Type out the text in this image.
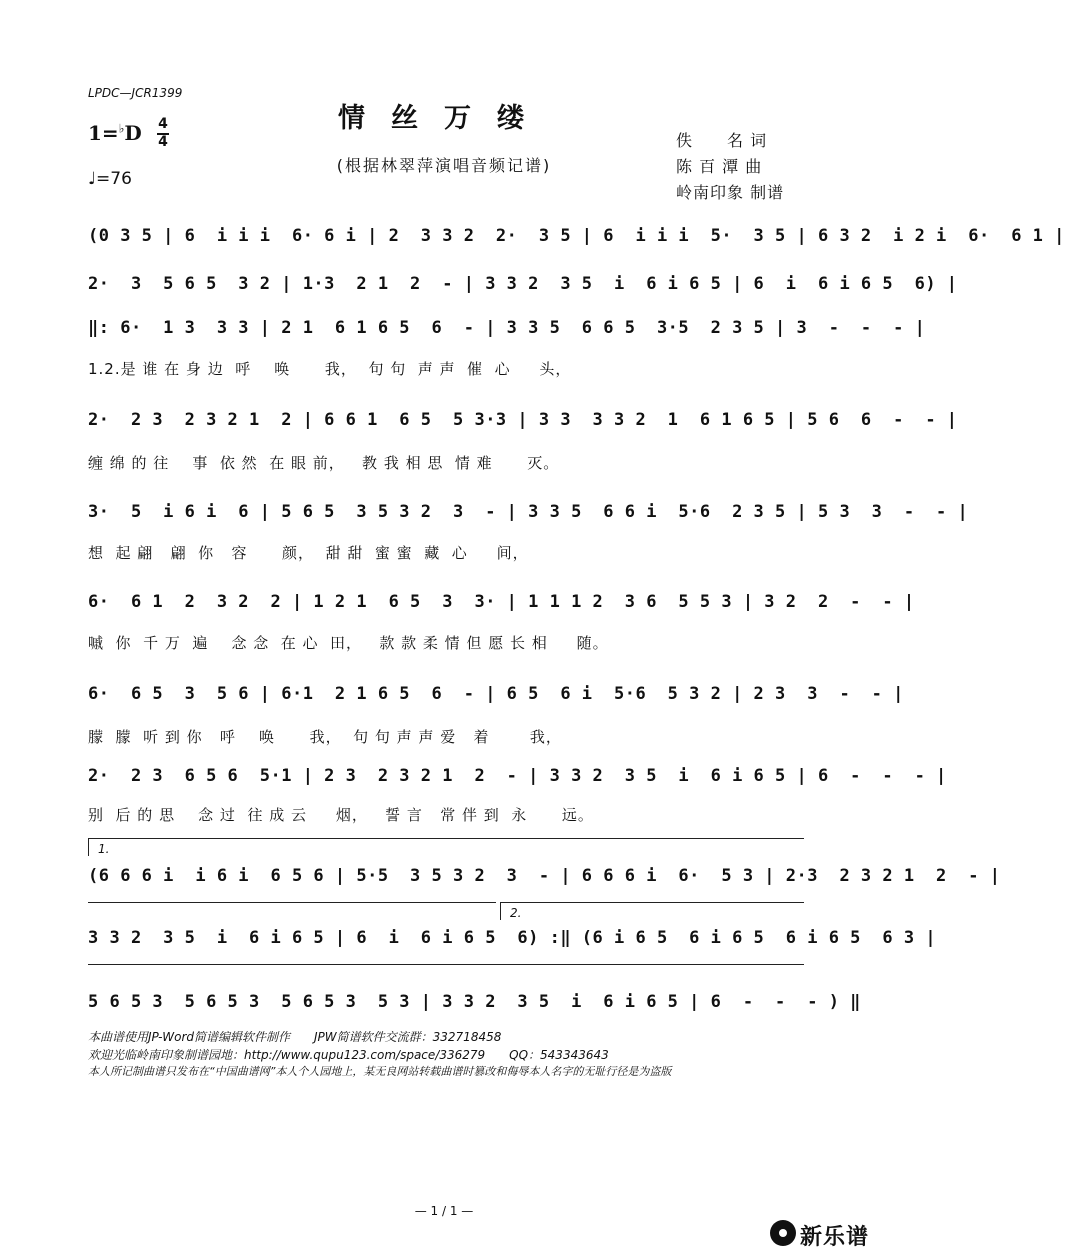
LPDC—JCR1399
情丝万缕
(根据林翠萍演唱音频记谱)
1=♭D 4
4
♩=76
佚　　名 词
陈 百 潭 曲
岭南印象 制谱
(0 3 5 | 6  i i i  6· 6 i | 2  3 3 2  2·  3 5 | 6  i i i  5·  3 5 | 6 3 2  i 2 i  6·  6 1 |
2·  3  5 6 5  3 2 | 1·3  2 1  2  - | 3 3 2  3 5  i  6 i 6 5 | 6  i  6 i 6 5  6) |
‖: 6·  1 3  3 3 | 2 1  6 1 6 5  6  - | 3 3 5  6 6 5  3·5  2 3 5 | 3  -  -  - |
1.2.是 谁 在 身 边  呼    唤      我，  句 句  声 声  催  心     头，
2·  2 3  2 3 2 1  2 | 6 6 1  6 5  5 3·3 | 3 3  3 3 2  1  6 1 6 5 | 5 6  6  -  - |
缠 绵 的 往    事  依 然  在 眼 前，   教 我 相 思  情 难      灭。
3·  5  i 6 i  6 | 5 6 5  3 5 3 2  3  - | 3 3 5  6 6 i  5·6  2 3 5 | 5 3  3  -  - |
想  起 翩   翩  你   容      颜，  甜 甜  蜜 蜜  藏  心     间，
6·  6 1  2  3 2  2 | 1 2 1  6 5  3  3· | 1 1 1 2  3 6  5 5 3 | 3 2  2  -  - |
嘁  你  千 万  遍    念 念  在 心  田，   款 款 柔 情 但 愿 长 相     随。
6·  6 5  3  5 6 | 6·1  2 1 6 5  6  - | 6 5  6 i  5·6  5 3 2 | 2 3  3  -  - |
朦  朦  听 到 你   呼    唤      我，  句 句 声 声 爱   着       我，
2·  2 3  6 5 6  5·1 | 2 3  2 3 2 1  2  - | 3 3 2  3 5  i  6 i 6 5 | 6  -  -  - |
别  后 的 思    念 过  往 成 云     烟，   誓 言   常 伴 到  永      远。
1.
(6 6 6 i  i 6 i  6 5 6 | 5·5  3 5 3 2  3  - | 6 6 6 i  6·  5 3 | 2·3  2 3 2 1  2  - |
2.
3 3 2  3 5  i  6 i 6 5 | 6  i  6 i 6 5  6) :‖ (6 i 6 5  6 i 6 5  6 i 6 5  6 3 |
5 6 5 3  5 6 5 3  5 6 5 3  5 3 | 3 3 2  3 5  i  6 i 6 5 | 6  -  -  - ) ‖
本曲谱使用JP-Word简谱编辑软件制作　　JPW简谱软件交流群：332718458
欢迎光临岭南印象制谱园地：http://www.qupu123.com/space/336279　　QQ：543343643
本人所记制曲谱只发布在“中国曲谱网”本人个人园地上，某无良网站转载曲谱时篡改和侮辱本人名字的无耻行径是为盗版
— 1 / 1 —
新乐谱
